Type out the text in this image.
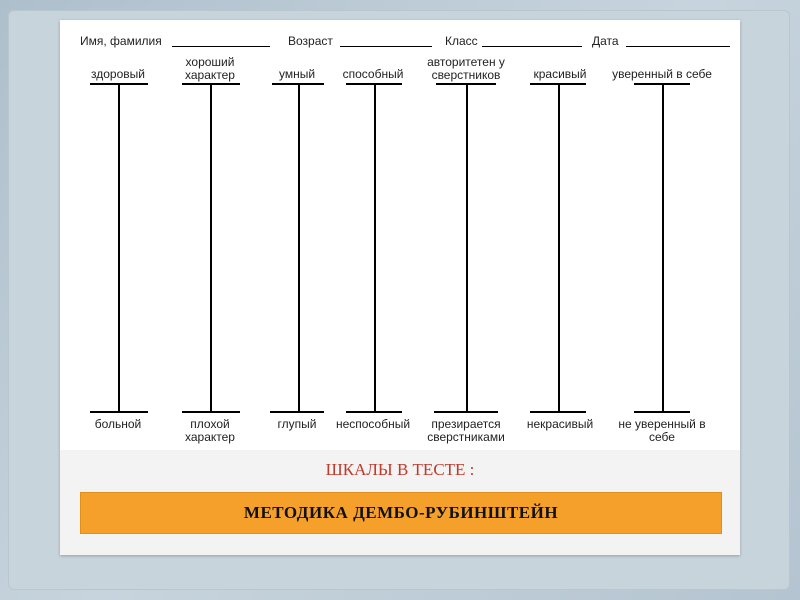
Имя, фамилия	Возраст	Класс	Дата
здоровый
больной
хороший характер
плохой характер
умный
глупый
способный
неспособный
авторитетен у сверстников
презирается сверстниками
красивый
некрасивый
уверенный в себе
не уверенный в себе
ШКАЛЫ В ТЕСТЕ :
МЕТОДИКА ДЕМБО-РУБИНШТЕЙН
